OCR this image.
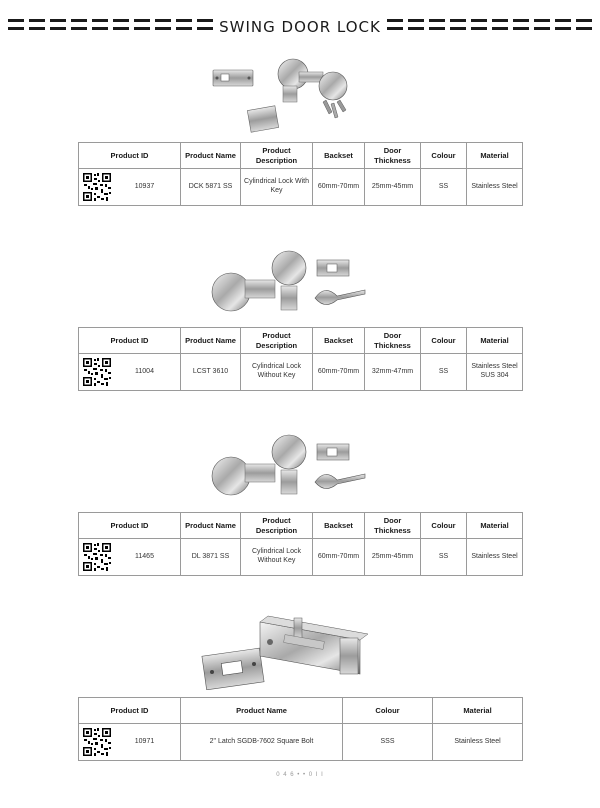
SWING DOOR LOCK
Product ID	Product Name	Product Description	Backset	Door Thickness	Colour	Material

10937	DCK 5871 SS	Cylindrical Lock With Key	60mm-70mm	25mm-45mm	SS	Stainless Steel
Product ID	Product Name	Product Description	Backset	Door Thickness	Colour	Material

11004	LCST 3610	Cylindrical Lock Without Key	60mm-70mm	32mm-47mm	SS	Stainless Steel SUS 304
Product ID	Product Name	Product Description	Backset	Door Thickness	Colour	Material

11465	DL 3871 SS	Cylindrical Lock Without Key	60mm-70mm	25mm-45mm	SS	Stainless Steel
Product ID	Product Name	Colour	Material

10971	2" Latch SGDB-7602 Square Bolt	SSS	Stainless Steel
0 4 6 • • 0 I I
